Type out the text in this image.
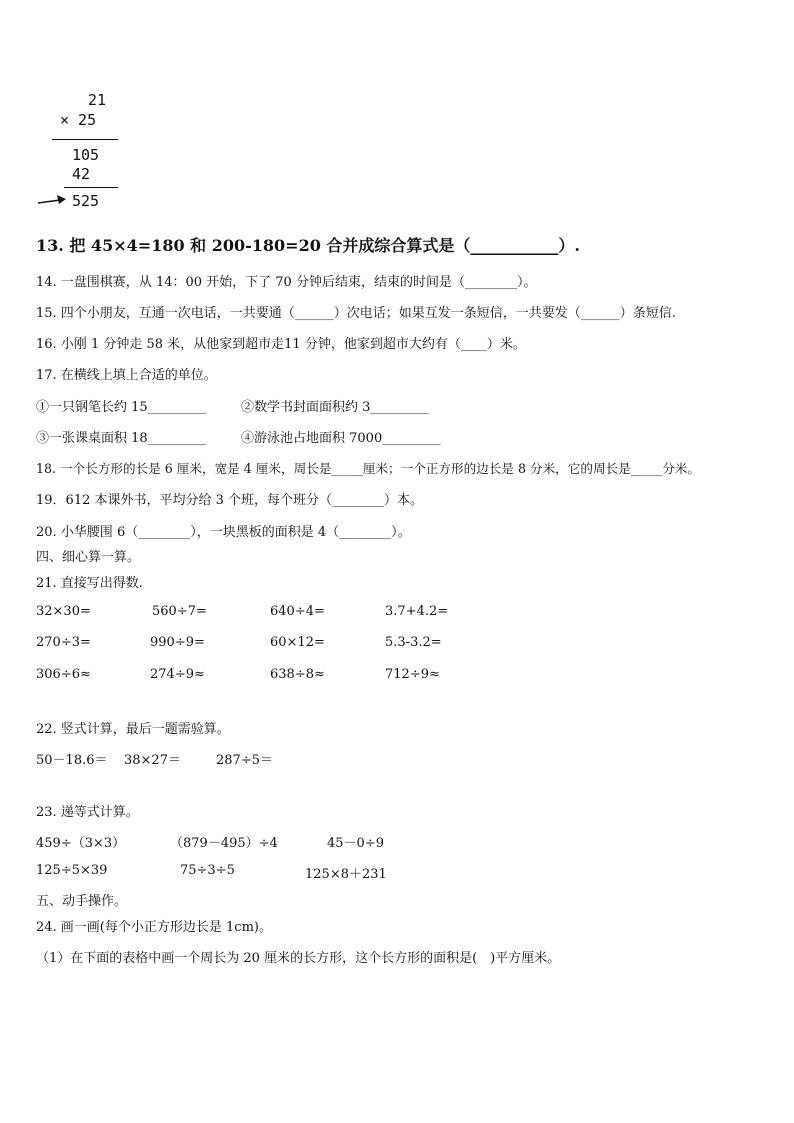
21
× 25
105
42
525
13. 把 45×4=180 和 200-180=20 合并成综合算式是（___________）.
14. 一盘围棋赛，从 14：00 开始，下了 70 分钟后结束，结束的时间是（________）。
15. 四个小朋友，互通一次电话，一共要通（______）次电话；如果互发一条短信，一共要发（______）条短信.
16. 小刚 1 分钟走 58 米，从他家到超市走11 分钟，他家到超市大约有（____）米。
17. 在横线上填上合适的单位。
①一只钢笔长约 15_________	②数学书封面面积约 3_________
③一张课桌面积 18_________	④游泳池占地面积 7000_________
18. 一个长方形的长是 6 厘米，宽是 4 厘米，周长是_____厘米；一个正方形的边长是 8 分米，它的周长是_____分米。
19．612 本课外书，平均分给 3 个班，每个班分（________）本。
20. 小华腰围 6（________），一块黑板的面积是 4（________）。
四、细心算一算。
21. 直接写出得数.
32×30=	560÷7=	640÷4=	3.7+4.2=
270÷3=	990÷9=	60×12=	5.3-3.2=
306÷6≈	274÷9≈	638÷8≈	712÷9≈
22. 竖式计算，最后一题需验算。
50－18.6＝ 38×27＝	287÷5＝
23. 递等式计算。
459÷（3×3）	（879－495）÷4	45－0÷9
125÷5×39	75÷3÷5	125×8＋231
五、动手操作。
24. 画一画(每个小正方形边长是 1cm)。
（1）在下面的表格中画一个周长为 20 厘米的长方形，这个长方形的面积是(　)平方厘米。
